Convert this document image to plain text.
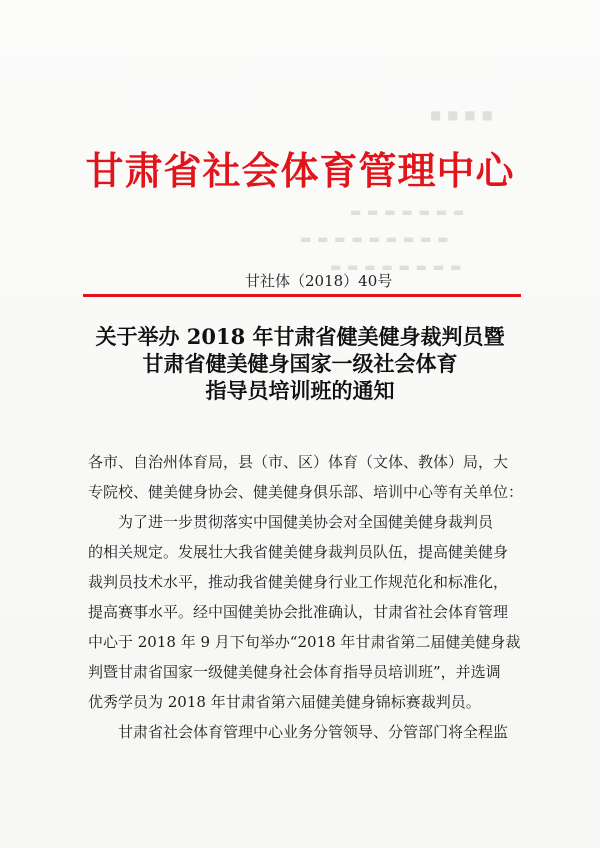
■ ■ ■ ■
▬ ▬ ▬ ▬ ▬ ▬ ▬
▬ ▬ ▬ ▬ ▬ ▬ ▬ ▬ ▬
▬ ▬ ▬ ▬ ▬ ▬ ▬ ▬
甘肃省社会体育管理中心
甘社体（2018）40号
关于举办 2018 年甘肃省健美健身裁判员暨
甘肃省健美健身国家一级社会体育
指导员培训班的通知
各市、自治州体育局，县（市、区）体育（文体、教体）局，大
专院校、健美健身协会、健美健身俱乐部、培训中心等有关单位：
为了进一步贯彻落实中国健美协会对全国健美健身裁判员
的相关规定。发展壮大我省健美健身裁判员队伍，提高健美健身
裁判员技术水平，推动我省健美健身行业工作规范化和标准化，
提高赛事水平。经中国健美协会批准确认，甘肃省社会体育管理
中心于 2018 年 9 月下旬举办“2018 年甘肃省第二届健美健身裁
判暨甘肃省国家一级健美健身社会体育指导员培训班”，并选调
优秀学员为 2018 年甘肃省第六届健美健身锦标赛裁判员。
甘肃省社会体育管理中心业务分管领导、分管部门将全程监
